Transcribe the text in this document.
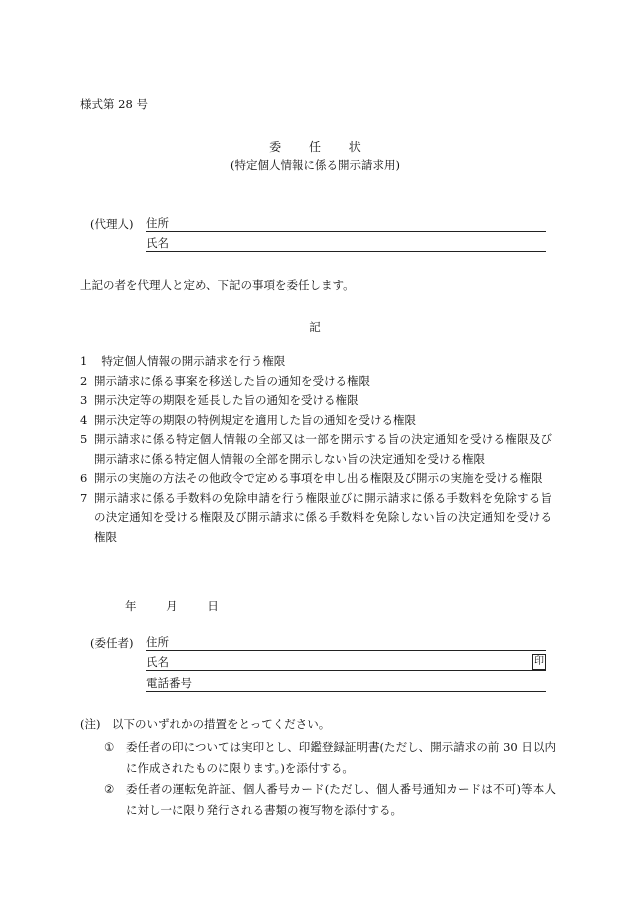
様式第 28 号
委 任 状
(特定個人情報に係る開示請求用)
(代理人) 住所
氏名
上記の者を代理人と定め、下記の事項を委任します。
記
1 特定個人情報の開示請求を行う権限
2 開示請求に係る事案を移送した旨の通知を受ける権限
3 開示決定等の期限を延長した旨の通知を受ける権限
4 開示決定等の期限の特例規定を適用した旨の通知を受ける権限
5 開示請求に係る特定個人情報の全部又は一部を開示する旨の決定通知を受ける権限及び開示請求に係る特定個人情報の全部を開示しない旨の決定通知を受ける権限
6 開示の実施の方法その他政令で定める事項を申し出る権限及び開示の実施を受ける権限
7 開示請求に係る手数料の免除申請を行う権限並びに開示請求に係る手数料を免除する旨の決定通知を受ける権限及び開示請求に係る手数料を免除しない旨の決定通知を受ける権限
年	月	日
(委任者) 住所
氏名	印
電話番号
(注)　以下のいずれかの措置をとってください。
①	委任者の印については実印とし、印鑑登録証明書(ただし、開示請求の前 30 日以内に作成されたものに限ります。)を添付する。
②	委任者の運転免許証、個人番号カード(ただし、個人番号通知カードは不可)等本人に対し一に限り発行される書類の複写物を添付する。
